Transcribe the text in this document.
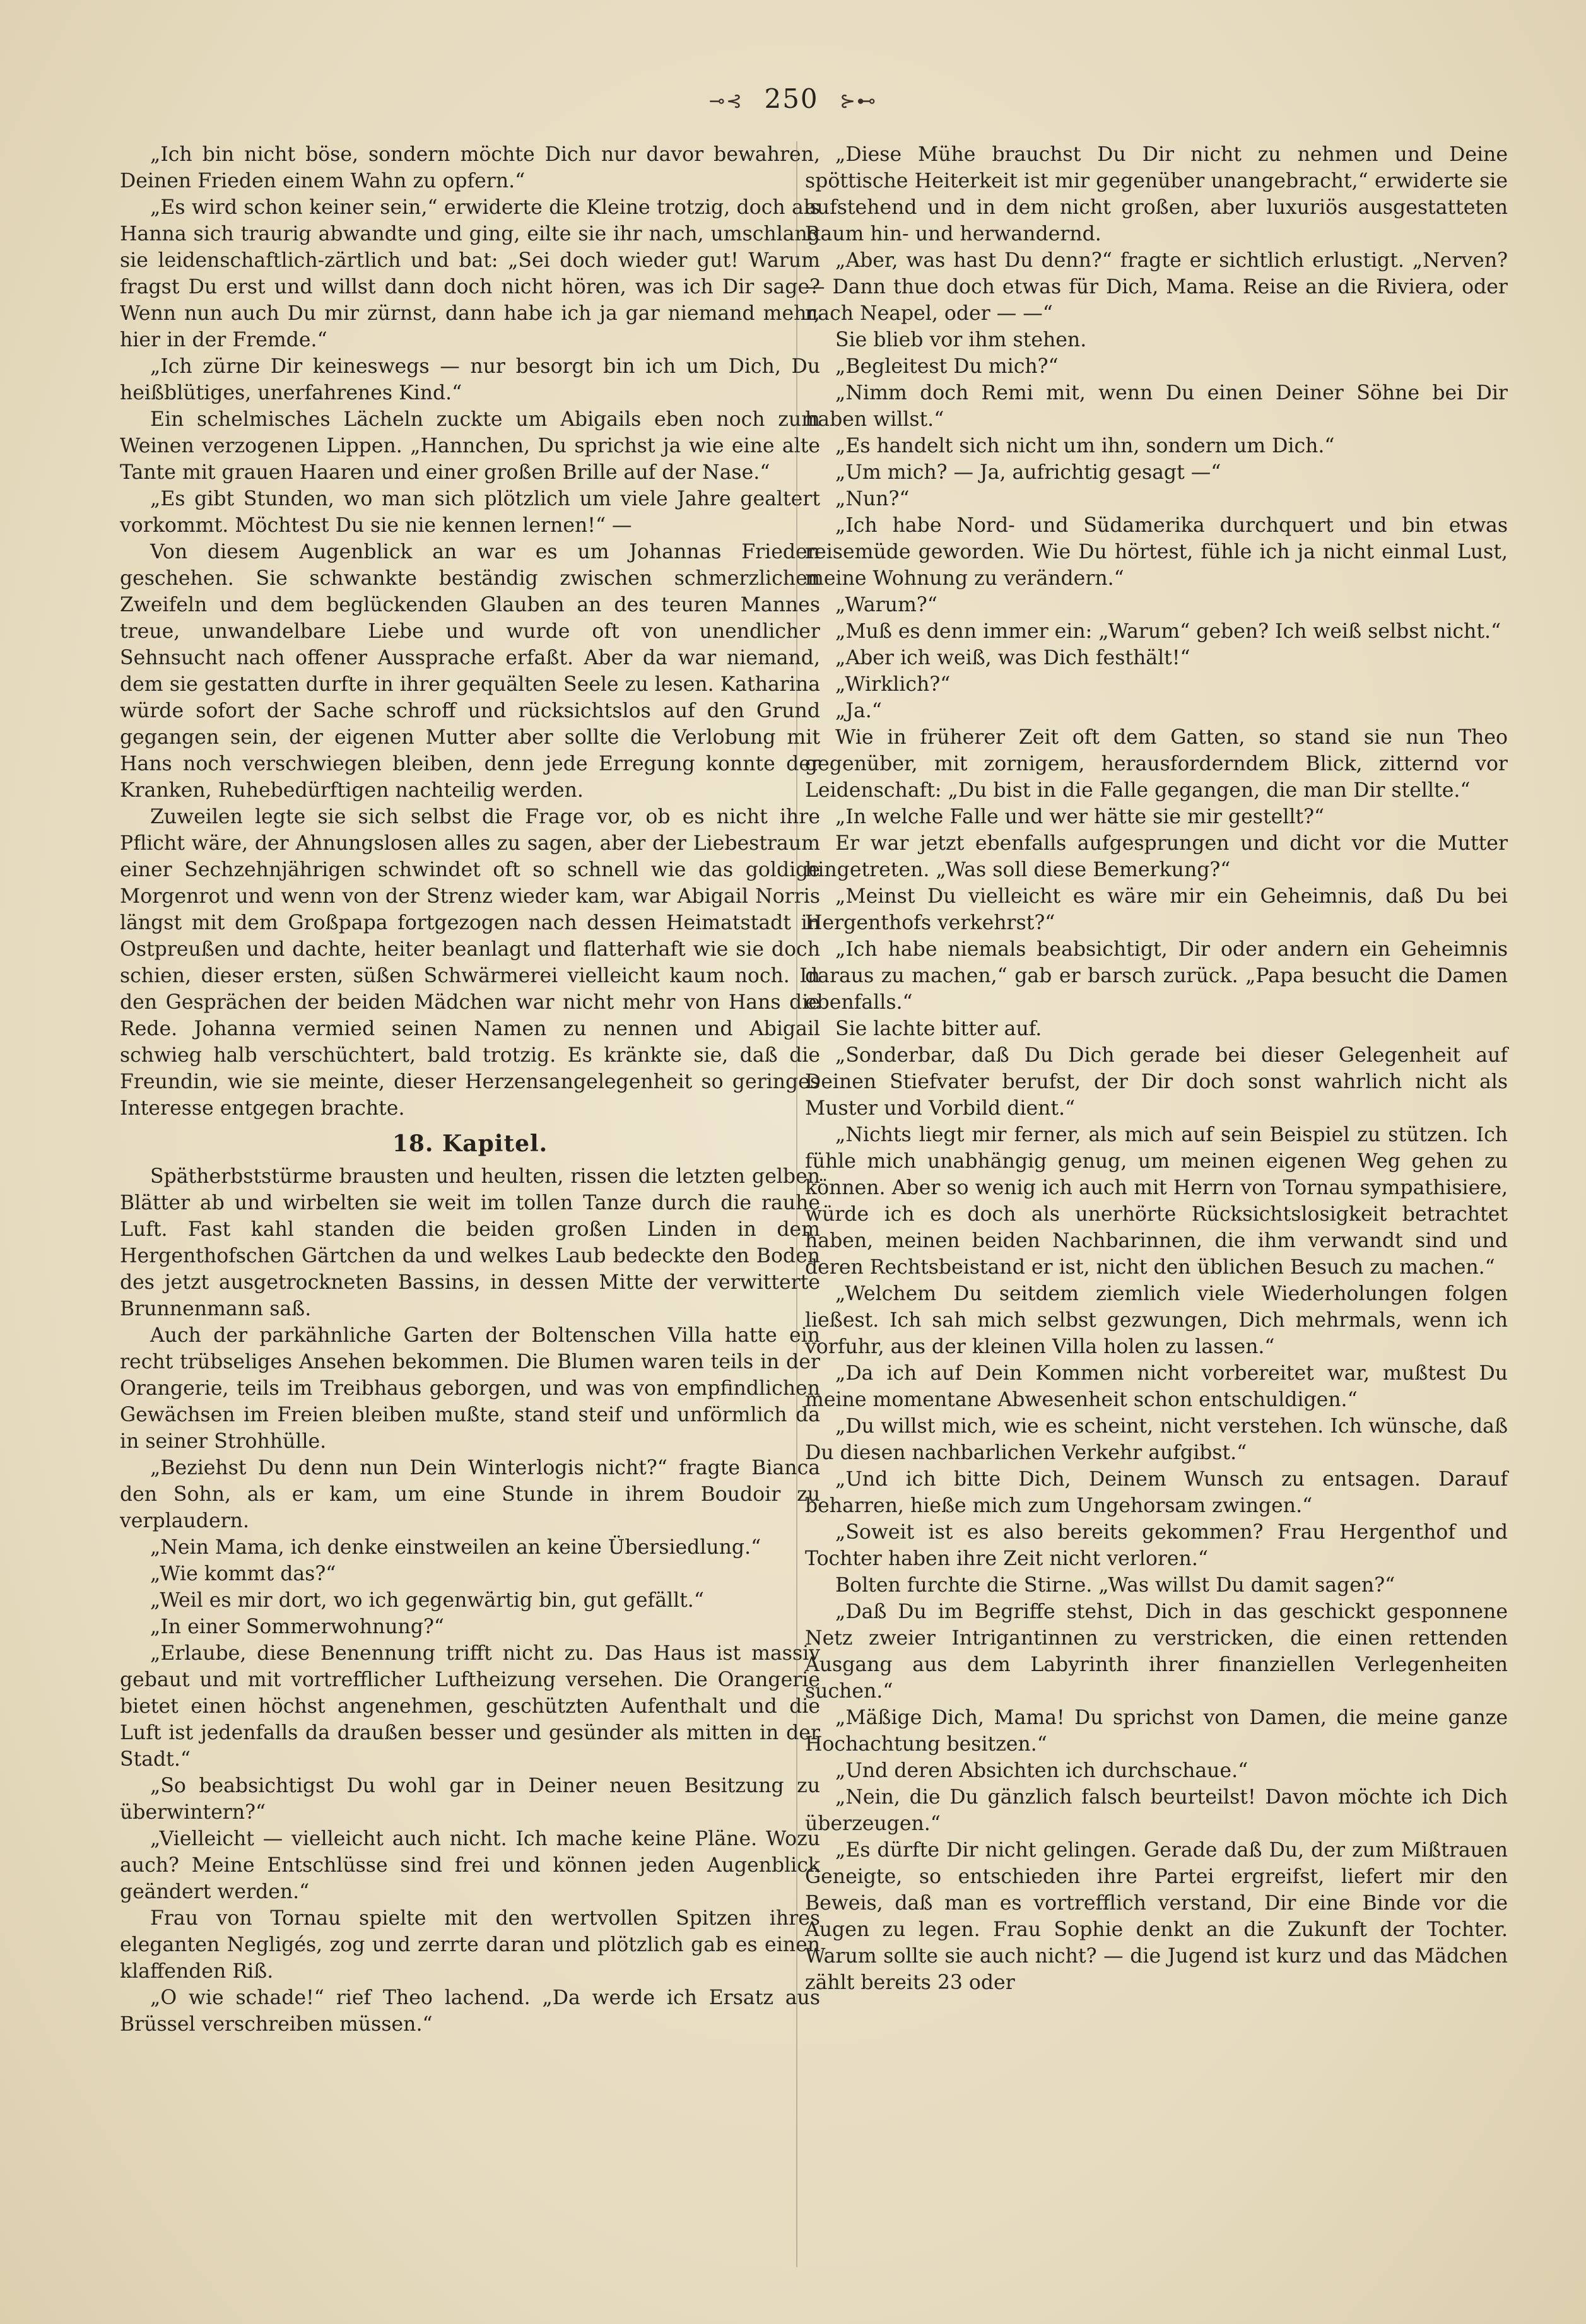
⊸⊰ 250 ⊱⊷

„Ich bin nicht böse, sondern möchte Dich nur davor bewahren, Deinen Frieden einem Wahn zu opfern.“

„Es wird schon keiner sein,“ erwiderte die Kleine trotzig, doch als Hanna sich traurig abwandte und ging, eilte sie ihr nach, umschlang sie leidenschaftlich-zärtlich und bat: „Sei doch wieder gut! Warum fragst Du erst und willst dann doch nicht hören, was ich Dir sage? Wenn nun auch Du mir zürnst, dann habe ich ja gar niemand mehr, hier in der Fremde.“

„Ich zürne Dir keineswegs — nur besorgt bin ich um Dich, Du heißblütiges, unerfahrenes Kind.“

Ein schelmisches Lächeln zuckte um Abigails eben noch zum Weinen verzogenen Lippen. „Hannchen, Du sprichst ja wie eine alte Tante mit grauen Haaren und einer großen Brille auf der Nase.“

„Es gibt Stunden, wo man sich plötzlich um viele Jahre gealtert vorkommt. Möchtest Du sie nie kennen lernen!“ —

Von diesem Augenblick an war es um Johannas Frieden geschehen. Sie schwankte beständig zwischen schmerzlichen Zweifeln und dem beglückenden Glauben an des teuren Mannes treue, unwandelbare Liebe und wurde oft von unendlicher Sehnsucht nach offener Aussprache erfaßt. Aber da war niemand, dem sie gestatten durfte in ihrer gequälten Seele zu lesen. Katharina würde sofort der Sache schroff und rücksichtslos auf den Grund gegangen sein, der eigenen Mutter aber sollte die Verlobung mit Hans noch verschwiegen bleiben, denn jede Erregung konnte der Kranken, Ruhebedürftigen nachteilig werden.

Zuweilen legte sie sich selbst die Frage vor, ob es nicht ihre Pflicht wäre, der Ahnungslosen alles zu sagen, aber der Liebestraum einer Sechzehnjährigen schwindet oft so schnell wie das goldige Morgenrot und wenn von der Strenz wieder kam, war Abigail Norris längst mit dem Großpapa fortgezogen nach dessen Heimatstadt in Ostpreußen und dachte, heiter beanlagt und flatterhaft wie sie doch schien, dieser ersten, süßen Schwärmerei vielleicht kaum noch. In den Gesprächen der beiden Mädchen war nicht mehr von Hans die Rede. Johanna vermied seinen Namen zu nennen und Abigail schwieg halb verschüchtert, bald trotzig. Es kränkte sie, daß die Freundin, wie sie meinte, dieser Herzensangelegenheit so geringes Interesse entgegen brachte.

18. Kapitel.

Spätherbststürme brausten und heulten, rissen die letzten gelben Blätter ab und wirbelten sie weit im tollen Tanze durch die rauhe Luft. Fast kahl standen die beiden großen Linden in dem Hergenthofschen Gärtchen da und welkes Laub bedeckte den Boden des jetzt ausgetrockneten Bassins, in dessen Mitte der verwitterte Brunnenmann saß.

Auch der parkähnliche Garten der Boltenschen Villa hatte ein recht trübseliges Ansehen bekommen. Die Blumen waren teils in der Orangerie, teils im Treibhaus geborgen, und was von empfindlichen Gewächsen im Freien bleiben mußte, stand steif und unförmlich da in seiner Strohhülle.

„Beziehst Du denn nun Dein Winterlogis nicht?“ fragte Bianca den Sohn, als er kam, um eine Stunde in ihrem Boudoir zu verplaudern.

„Nein Mama, ich denke einstweilen an keine Übersiedlung.“

„Wie kommt das?“

„Weil es mir dort, wo ich gegenwärtig bin, gut gefällt.“

„In einer Sommerwohnung?“

„Erlaube, diese Benennung trifft nicht zu. Das Haus ist massiv gebaut und mit vortrefflicher Luftheizung versehen. Die Orangerie bietet einen höchst angenehmen, geschützten Aufenthalt und die Luft ist jedenfalls da draußen besser und gesünder als mitten in der Stadt.“

„So beabsichtigst Du wohl gar in Deiner neuen Besitzung zu überwintern?“

„Vielleicht — vielleicht auch nicht. Ich mache keine Pläne. Wozu auch? Meine Entschlüsse sind frei und können jeden Augenblick geändert werden.“

Frau von Tornau spielte mit den wertvollen Spitzen ihres eleganten Negligés, zog und zerrte daran und plötzlich gab es einen klaffenden Riß.

„O wie schade!“ rief Theo lachend. „Da werde ich Ersatz aus Brüssel verschreiben müssen.“

„Diese Mühe brauchst Du Dir nicht zu nehmen und Deine spöttische Heiterkeit ist mir gegenüber unangebracht,“ erwiderte sie aufstehend und in dem nicht großen, aber luxuriös ausgestatteten Raum hin- und herwandernd.

„Aber, was hast Du denn?“ fragte er sichtlich erlustigt. „Nerven? — Dann thue doch etwas für Dich, Mama. Reise an die Riviera, oder nach Neapel, oder — —“

Sie blieb vor ihm stehen.

„Begleitest Du mich?“

„Nimm doch Remi mit, wenn Du einen Deiner Söhne bei Dir haben willst.“

„Es handelt sich nicht um ihn, sondern um Dich.“

„Um mich? — Ja, aufrichtig gesagt —“

„Nun?“

„Ich habe Nord- und Südamerika durchquert und bin etwas reisemüde geworden. Wie Du hörtest, fühle ich ja nicht einmal Lust, meine Wohnung zu verändern.“

„Warum?“

„Muß es denn immer ein: „Warum“ geben? Ich weiß selbst nicht.“

„Aber ich weiß, was Dich festhält!“

„Wirklich?“

„Ja.“

Wie in früherer Zeit oft dem Gatten, so stand sie nun Theo gegenüber, mit zornigem, herausforderndem Blick, zitternd vor Leidenschaft: „Du bist in die Falle gegangen, die man Dir stellte.“

„In welche Falle und wer hätte sie mir gestellt?“

Er war jetzt ebenfalls aufgesprungen und dicht vor die Mutter hingetreten. „Was soll diese Bemerkung?“

„Meinst Du vielleicht es wäre mir ein Geheimnis, daß Du bei Hergenthofs verkehrst?“

„Ich habe niemals beabsichtigt, Dir oder andern ein Geheimnis daraus zu machen,“ gab er barsch zurück. „Papa besucht die Damen ebenfalls.“

Sie lachte bitter auf.

„Sonderbar, daß Du Dich gerade bei dieser Gelegenheit auf Deinen Stiefvater berufst, der Dir doch sonst wahrlich nicht als Muster und Vorbild dient.“

„Nichts liegt mir ferner, als mich auf sein Beispiel zu stützen. Ich fühle mich unabhängig genug, um meinen eigenen Weg gehen zu können. Aber so wenig ich auch mit Herrn von Tornau sympathisiere, würde ich es doch als unerhörte Rücksichtslosigkeit betrachtet haben, meinen beiden Nachbarinnen, die ihm verwandt sind und deren Rechtsbeistand er ist, nicht den üblichen Besuch zu machen.“

„Welchem Du seitdem ziemlich viele Wiederholungen folgen ließest. Ich sah mich selbst gezwungen, Dich mehrmals, wenn ich vorfuhr, aus der kleinen Villa holen zu lassen.“

„Da ich auf Dein Kommen nicht vorbereitet war, mußtest Du meine momentane Abwesenheit schon entschuldigen.“

„Du willst mich, wie es scheint, nicht verstehen. Ich wünsche, daß Du diesen nachbarlichen Verkehr aufgibst.“

„Und ich bitte Dich, Deinem Wunsch zu entsagen. Darauf beharren, hieße mich zum Ungehorsam zwingen.“

„Soweit ist es also bereits gekommen? Frau Hergenthof und Tochter haben ihre Zeit nicht verloren.“

Bolten furchte die Stirne. „Was willst Du damit sagen?“

„Daß Du im Begriffe stehst, Dich in das geschickt gesponnene Netz zweier Intrigantinnen zu verstricken, die einen rettenden Ausgang aus dem Labyrinth ihrer finanziellen Verlegenheiten suchen.“

„Mäßige Dich, Mama! Du sprichst von Damen, die meine ganze Hochachtung besitzen.“

„Und deren Absichten ich durchschaue.“

„Nein, die Du gänzlich falsch beurteilst! Davon möchte ich Dich überzeugen.“

„Es dürfte Dir nicht gelingen. Gerade daß Du, der zum Mißtrauen Geneigte, so entschieden ihre Partei ergreifst, liefert mir den Beweis, daß man es vortrefflich verstand, Dir eine Binde vor die Augen zu legen. Frau Sophie denkt an die Zukunft der Tochter. Warum sollte sie auch nicht? — die Jugend ist kurz und das Mädchen zählt bereits 23 oder
